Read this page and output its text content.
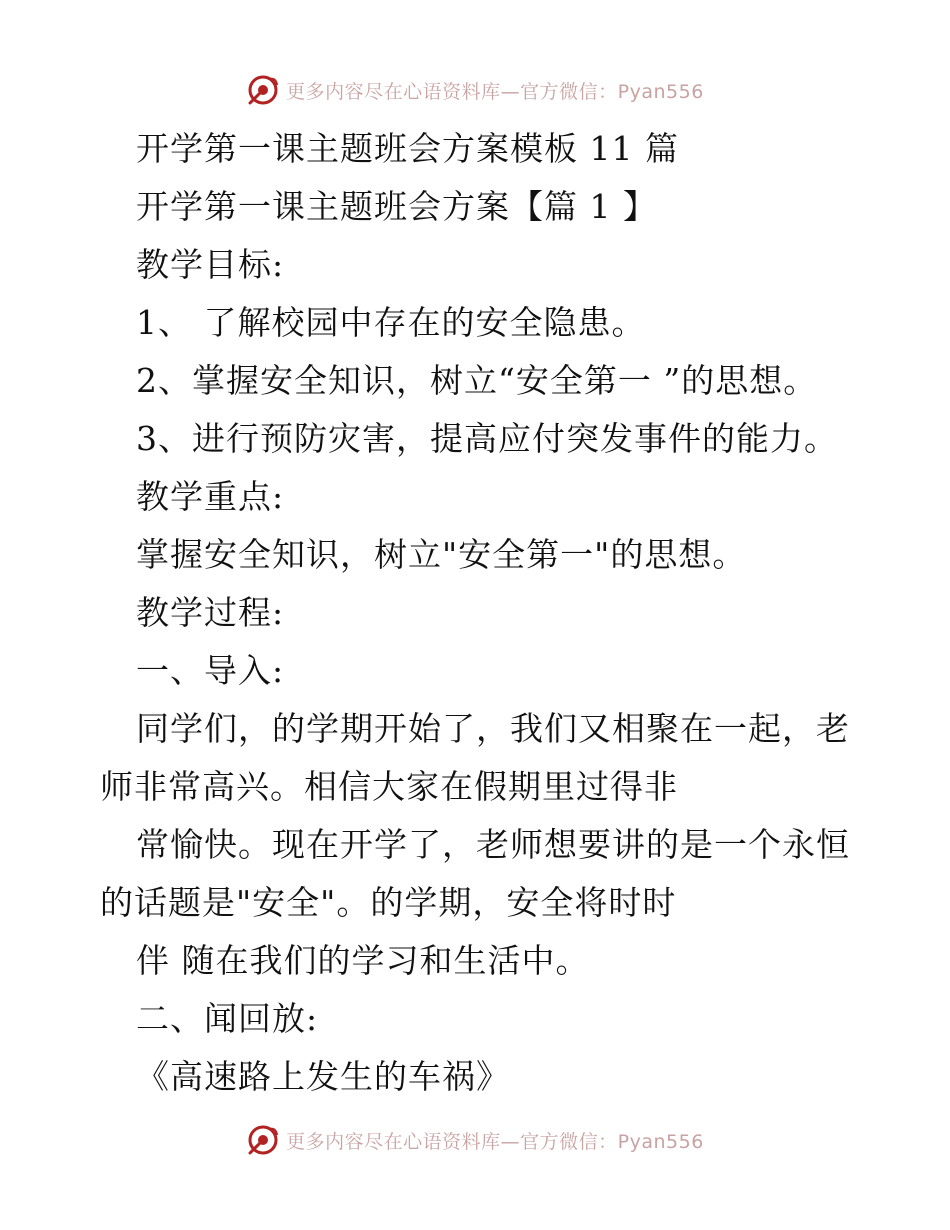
更多内容尽在心语资料库—官方微信：Pyan556
开学第一课主题班会方案模板 11 篇
开学第一课主题班会方案【篇 1 】
教学目标:
1、 了解校园中存在的安全隐患。
2、掌握安全知识，树立“安全第一 ”的思想。
3、进行预防灾害，提高应付突发事件的能力。
教学重点:
掌握安全知识，树立"安全第一"的思想。
教学过程:
一、导入:
同学们，的学期开始了，我们又相聚在一起，老
师非常高兴。相信大家在假期里过得非
常愉快。现在开学了，老师想要讲的是一个永恒
的话题是"安全"。的学期，安全将时时
伴 随在我们的学习和生活中。
二、闻回放:
《高速路上发生的车祸》
更多内容尽在心语资料库—官方微信：Pyan556
